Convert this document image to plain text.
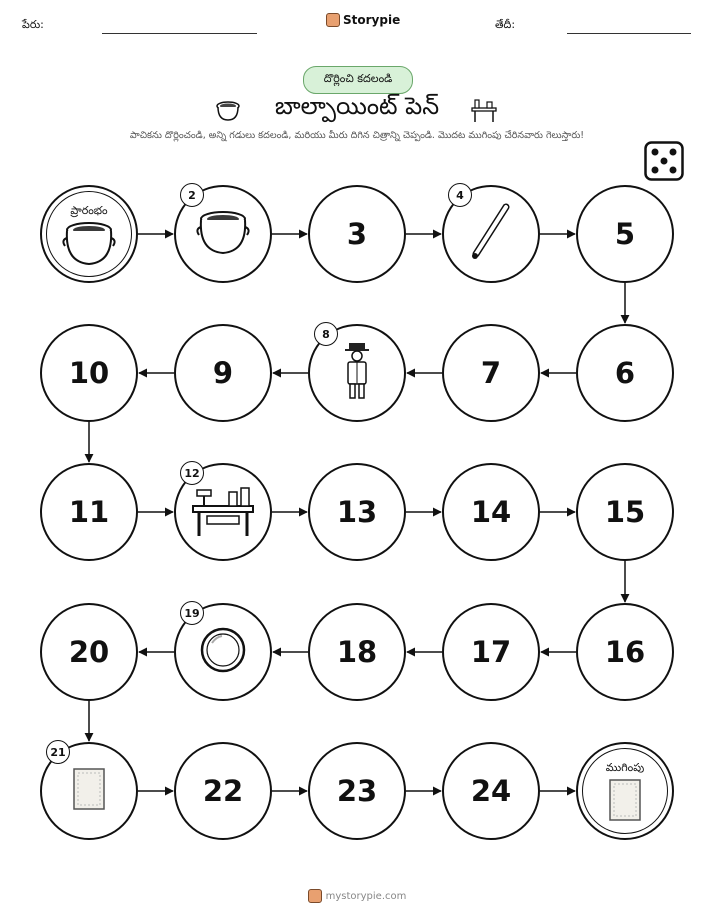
పేరు:	Storypie	తేదీ:
దొర్లించి కదలండి
బాల్పాయింట్ పెన్
పాచికను దొర్లించండి, అన్ని గడులు కదలండి, మరియు మీరు దిగిన చిత్రాన్ని చెప్పండి. మొదట ముగింపు చేరినవారు గెలుస్తారు!
ప్రారంభం
2
3
4
5
6
7
8
9
10
11
12
13	14	15
16
17
18
19
20
21
22	23	24
ముగింపు
mystorypie.com
